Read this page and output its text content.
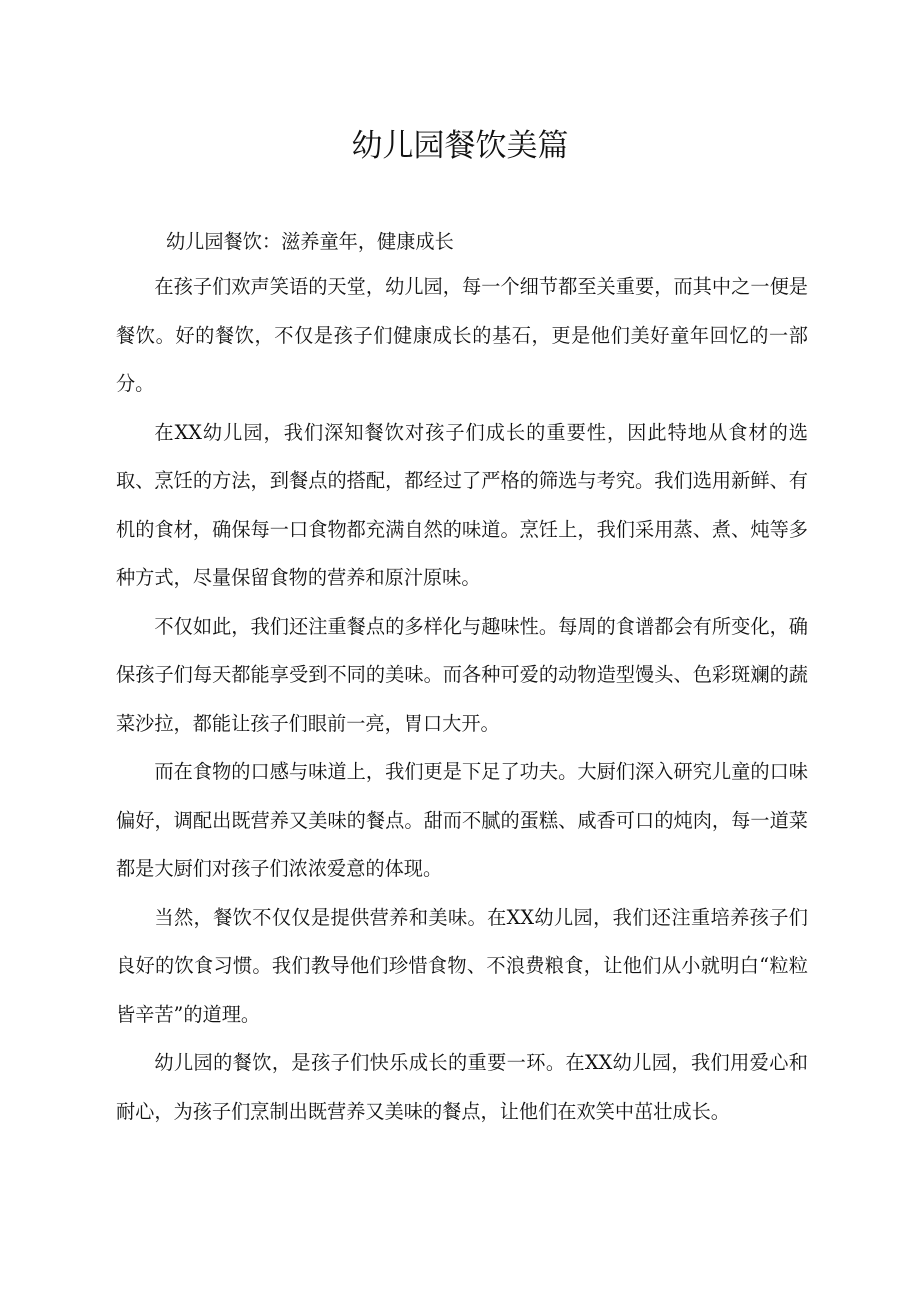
幼儿园餐饮美篇

幼儿园餐饮：滋养童年，健康成长

在孩子们欢声笑语的天堂，幼儿园，每一个细节都至关重要，而其中之一便是餐饮。好的餐饮，不仅是孩子们健康成长的基石，更是他们美好童年回忆的一部分。

在XX幼儿园，我们深知餐饮对孩子们成长的重要性，因此特地从食材的选取、烹饪的方法，到餐点的搭配，都经过了严格的筛选与考究。我们选用新鲜、有机的食材，确保每一口食物都充满自然的味道。烹饪上，我们采用蒸、煮、炖等多种方式，尽量保留食物的营养和原汁原味。

不仅如此，我们还注重餐点的多样化与趣味性。每周的食谱都会有所变化，确保孩子们每天都能享受到不同的美味。而各种可爱的动物造型馒头、色彩斑斓的蔬菜沙拉，都能让孩子们眼前一亮，胃口大开。

而在食物的口感与味道上，我们更是下足了功夫。大厨们深入研究儿童的口味偏好，调配出既营养又美味的餐点。甜而不腻的蛋糕、咸香可口的炖肉，每一道菜都是大厨们对孩子们浓浓爱意的体现。

当然，餐饮不仅仅是提供营养和美味。在XX幼儿园，我们还注重培养孩子们良好的饮食习惯。我们教导他们珍惜食物、不浪费粮食，让他们从小就明白“粒粒皆辛苦”的道理。

幼儿园的餐饮，是孩子们快乐成长的重要一环。在XX幼儿园，我们用爱心和耐心，为孩子们烹制出既营养又美味的餐点，让他们在欢笑中茁壮成长。
